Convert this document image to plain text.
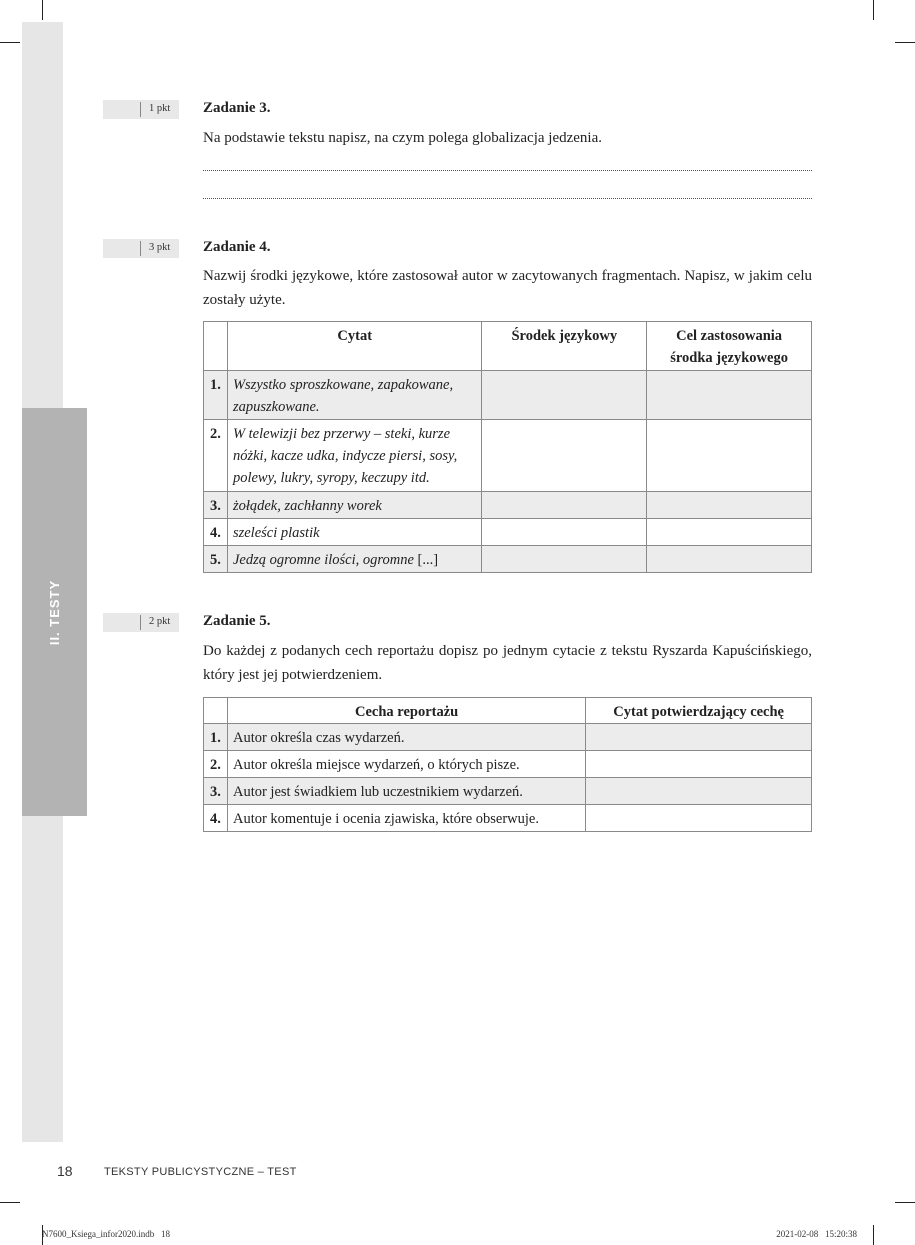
II. TESTY
1 pkt Zadanie 3.
Na podstawie tekstu napisz, na czym polega globalizacja jedzenia.
3 pkt Zadanie 4.
Nazwij środki językowe, które zastosował autor w zacytowanych fragmentach. Napisz, w jakim celu zostały użyte.
	Cytat	Środek językowy	Cel zastosowania środka językowego
1.	Wszystko sproszkowane, zapakowane, zapuszkowane.		
2.	W telewizji bez przerwy – steki, kurze nóżki, kacze udka, indycze piersi, sosy, polewy, lukry, syropy, keczupy itd.		
3.	żołądek, zachłanny worek		
4.	szeleści plastik		
5.	Jedzą ogromne ilości, ogromne [...]		
2 pkt Zadanie 5.
Do każdej z podanych cech reportażu dopisz po jednym cytacie z tekstu Ryszarda Kapuścińskiego, który jest jej potwierdzeniem.
	Cecha reportażu	Cytat potwierdzający cechę
1.	Autor określa czas wydarzeń.	
2.	Autor określa miejsce wydarzeń, o których pisze.	
3.	Autor jest świadkiem lub uczestnikiem wydarzeń.	
4.	Autor komentuje i ocenia zjawiska, które obserwuje.	
18	TEKSTY PUBLICYSTYCZNE – TEST
N7600_Ksiega_infor2020.indb   18	2021-02-08   15:20:38
